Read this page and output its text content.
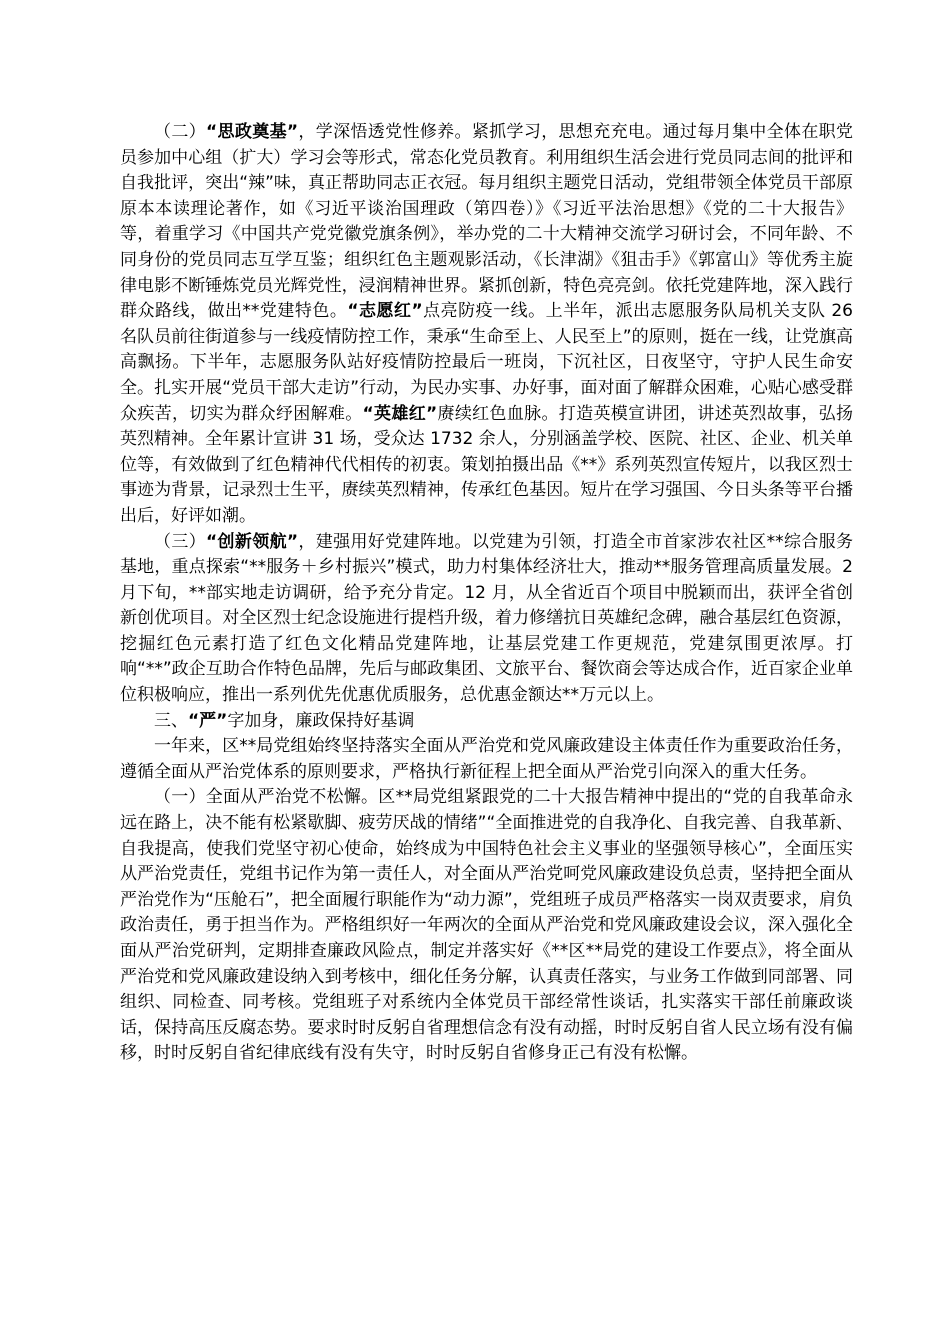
（二）“思政奠基”，学深悟透党性修养。紧抓学习，思想充充电。通过每月集中全体在职党员参加中心组（扩大）学习会等形式，常态化党员教育。利用组织生活会进行党员同志间的批评和自我批评，突出“辣”味，真正帮助同志正衣冠。每月组织主题党日活动，党组带领全体党员干部原原本本读理论著作，如《习近平谈治国理政（第四卷）》《习近平法治思想》《党的二十大报告》等，着重学习《中国共产党党徽党旗条例》，举办党的二十大精神交流学习研讨会，不同年龄、不同身份的党员同志互学互鉴；组织红色主题观影活动，《长津湖》《狙击手》《郭富山》等优秀主旋律电影不断锤炼党员光辉党性，浸润精神世界。紧抓创新，特色亮亮剑。依托党建阵地，深入践行群众路线，做出**党建特色。“志愿红”点亮防疫一线。上半年，派出志愿服务队局机关支队 26 名队员前往街道参与一线疫情防控工作，秉承“生命至上、人民至上”的原则，挺在一线，让党旗高高飘扬。下半年，志愿服务队站好疫情防控最后一班岗，下沉社区，日夜坚守，守护人民生命安全。扎实开展“党员干部大走访”行动，为民办实事、办好事，面对面了解群众困难，心贴心感受群众疾苦，切实为群众纾困解难。“英雄红”赓续红色血脉。打造英模宣讲团，讲述英烈故事，弘扬英烈精神。全年累计宣讲 31 场，受众达 1732 余人，分别涵盖学校、医院、社区、企业、机关单位等，有效做到了红色精神代代相传的初衷。策划拍摄出品《**》系列英烈宣传短片，以我区烈士事迹为背景，记录烈士生平，赓续英烈精神，传承红色基因。短片在学习强国、今日头条等平台播出后，好评如潮。

（三）“创新领航”，建强用好党建阵地。以党建为引领，打造全市首家涉农社区**综合服务基地，重点探索“**服务＋乡村振兴”模式，助力村集体经济壮大，推动**服务管理高质量发展。2 月下旬，**部实地走访调研，给予充分肯定。12 月，从全省近百个项目中脱颖而出，获评全省创新创优项目。对全区烈士纪念设施进行提档升级，着力修缮抗日英雄纪念碑，融合基层红色资源，挖掘红色元素打造了红色文化精品党建阵地，让基层党建工作更规范，党建氛围更浓厚。打响“**”政企互助合作特色品牌，先后与邮政集团、文旅平台、餐饮商会等达成合作，近百家企业单位积极响应，推出一系列优先优惠优质服务，总优惠金额达**万元以上。

三、“严”字加身，廉政保持好基调

一年来，区**局党组始终坚持落实全面从严治党和党风廉政建设主体责任作为重要政治任务，遵循全面从严治党体系的原则要求，严格执行新征程上把全面从严治党引向深入的重大任务。

（一）全面从严治党不松懈。区**局党组紧跟党的二十大报告精神中提出的“党的自我革命永远在路上，决不能有松紧歇脚、疲劳厌战的情绪”“全面推进党的自我净化、自我完善、自我革新、自我提高，使我们党坚守初心使命，始终成为中国特色社会主义事业的坚强领导核心”，全面压实从严治党责任，党组书记作为第一责任人，对全面从严治党呵党风廉政建设负总责，坚持把全面从严治党作为“压舱石”，把全面履行职能作为“动力源”，党组班子成员严格落实一岗双责要求，肩负政治责任，勇于担当作为。严格组织好一年两次的全面从严治党和党风廉政建设会议，深入强化全面从严治党研判，定期排查廉政风险点，制定并落实好《**区**局党的建设工作要点》，将全面从严治党和党风廉政建设纳入到考核中，细化任务分解，认真责任落实，与业务工作做到同部署、同组织、同检查、同考核。党组班子对系统内全体党员干部经常性谈话，扎实落实干部任前廉政谈话，保持高压反腐态势。要求时时反躬自省理想信念有没有动摇，时时反躬自省人民立场有没有偏移，时时反躬自省纪律底线有没有失守，时时反躬自省修身正己有没有松懈。
